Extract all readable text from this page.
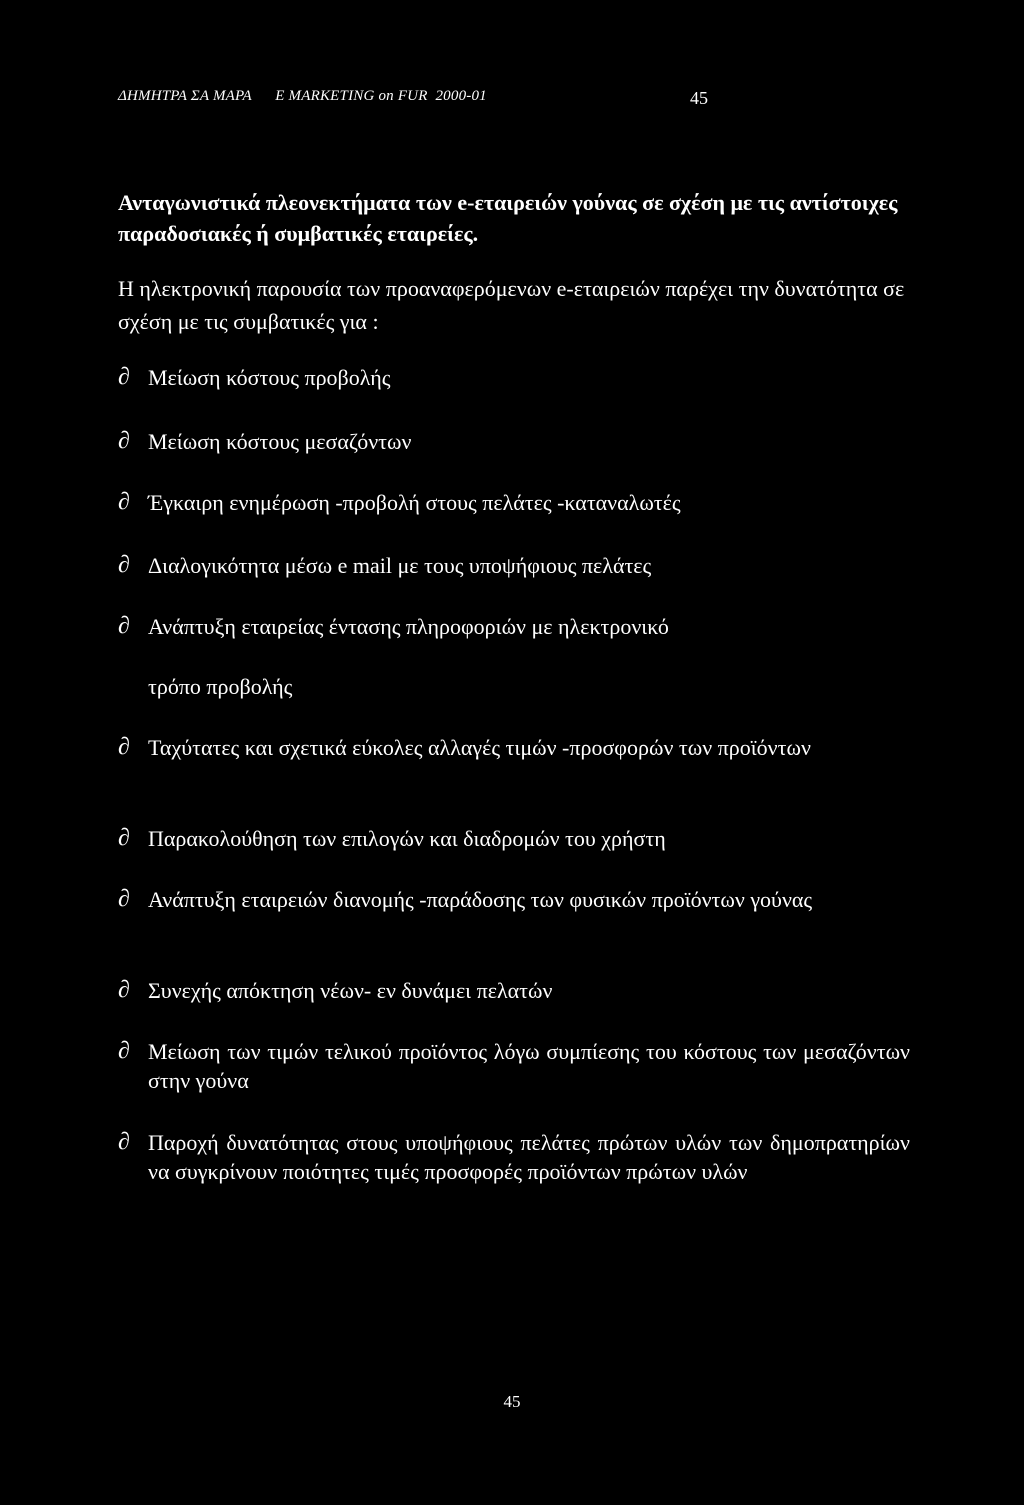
ΔΗΜΗΤΡΑ ΣΑ ΜΑΡΑ      E MARKETING on FUR  2000-01	45

Ανταγωνιστικά πλεονεκτήματα των e-εταιρειών γούνας σε σχέση με τις αντίστοιχες παραδοσιακές ή συμβατικές εταιρείες.

Η ηλεκτρονική παρουσία των προαναφερόμενων e-εταιρειών παρέχει την δυνατότητα σε σχέση με τις συμβατικές για :

∂ Μείωση κόστους προβολής
∂ Μείωση κόστους μεσαζόντων
∂ Έγκαιρη ενημέρωση -προβολή στους πελάτες -καταναλωτές
∂ Διαλογικότητα μέσω e mail με τους υποψήφιους πελάτες
∂ Ανάπτυξη εταιρείας έντασης πληροφοριών με ηλεκτρονικό
∂ Ταχύτατες και σχετικά εύκολες αλλαγές τιμών -προσφορών των προϊόντων
∂ Παρακολούθηση των επιλογών και διαδρομών του χρήστη
∂ Ανάπτυξη εταιρειών διανομής -παράδοσης των φυσικών προϊόντων γούνας
∂ Συνεχής απόκτηση νέων- εν δυνάμει πελατών
∂ Μείωση των τιμών τελικού προϊόντος λόγω συμπίεσης του κόστους των μεσαζόντων στην γούνα
∂ Παροχή δυνατότητας στους υποψήφιους πελάτες πρώτων υλών των δημοπρατηρίων να συγκρίνουν ποιότητες τιμές προσφορές προϊόντων πρώτων υλών
τρόπο προβολής
45
